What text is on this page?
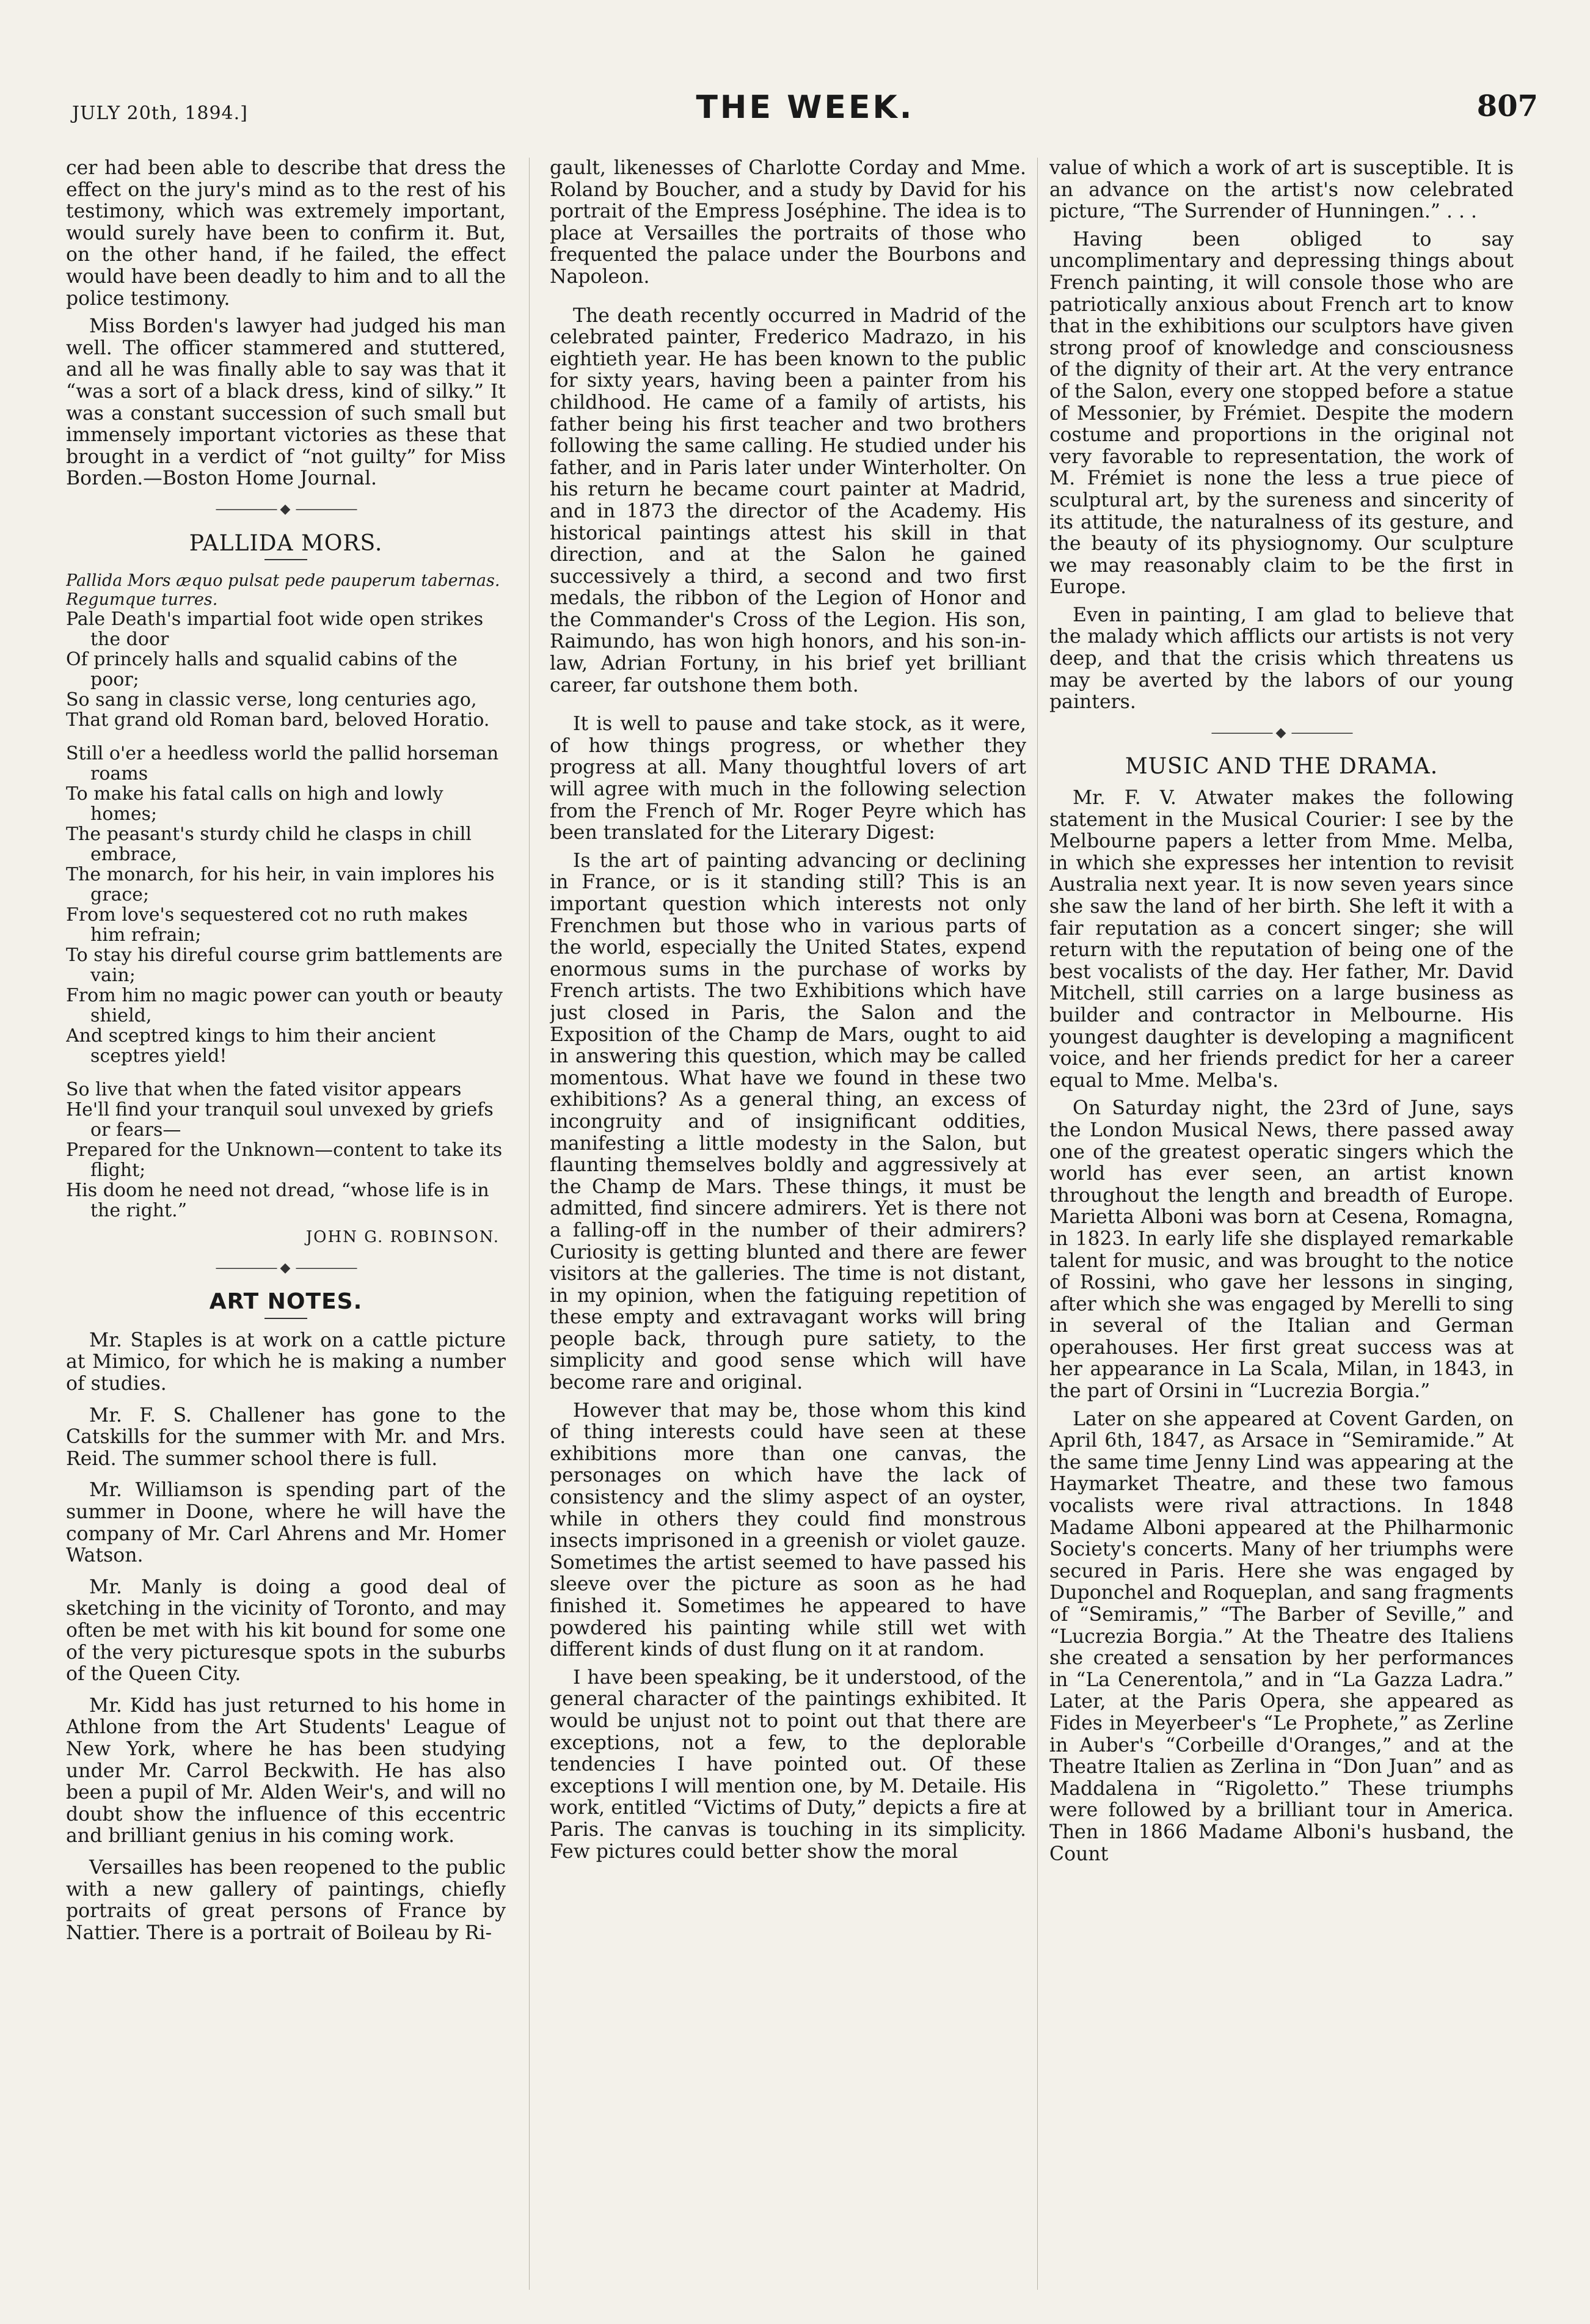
JULY 20th, 1894.]	THE WEEK.	807

cer had been able to describe that dress the effect on the jury's mind as to the rest of his testimony, which was extremely important, would surely have been to confirm it. But, on the other hand, if he failed, the effect would have been deadly to him and to all the police testimony.

Miss Borden's lawyer had judged his man well. The officer stammered and stuttered, and all he was finally able to say was that it “was a sort of a black dress, kind of silky.” It was a constant succession of such small but immensely important victories as these that brought in a verdict of “not guilty” for Miss Borden.—Boston Home Journal.

————— ◆ —————
PALLIDA MORS.

Pallida Mors æquo pulsat pede pauperum tabernas.

Regumque turres.

Pale Death's impartial foot wide open strikes the door

Of princely halls and squalid cabins of the poor;

So sang in classic verse, long centuries ago,

That grand old Roman bard, beloved Horatio.

Still o'er a heedless world the pallid horseman roams

To make his fatal calls on high and lowly homes;

The peasant's sturdy child he clasps in chill embrace,

The monarch, for his heir, in vain implores his grace;

From love's sequestered cot no ruth makes him refrain;

To stay his direful course grim battlements are vain;

From him no magic power can youth or beauty shield,

And sceptred kings to him their ancient sceptres yield!

So live that when the fated visitor appears

He'll find your tranquil soul unvexed by griefs or fears—

Prepared for the Unknown—content to take its flight;

His doom he need not dread, “whose life is in the right.”

JOHN G. ROBINSON.
————— ◆ —————
ART NOTES.

Mr. Staples is at work on a cattle picture at Mimico, for which he is making a number of studies.

Mr. F. S. Challener has gone to the Catskills for the summer with Mr. and Mrs. Reid. The summer school there is full.

Mr. Williamson is spending part of the summer in Doone, where he will have the company of Mr. Carl Ahrens and Mr. Homer Watson.

Mr. Manly is doing a good deal of sketching in the vicinity of Toronto, and may often be met with his kit bound for some one of the very picturesque spots in the suburbs of the Queen City.

Mr. Kidd has just returned to his home in Athlone from the Art Students' League of New York, where he has been studying under Mr. Carrol Beckwith. He has also been a pupil of Mr. Alden Weir's, and will no doubt show the influence of this eccentric and brilliant genius in his coming work.

Versailles has been reopened to the public with a new gallery of paintings, chiefly portraits of great persons of France by Nattier. There is a portrait of Boileau by Ri-

gault, likenesses of Charlotte Corday and Mme. Roland by Boucher, and a study by David for his portrait of the Empress Joséphine. The idea is to place at Versailles the portraits of those who frequented the palace under the Bourbons and Napoleon.

The death recently occurred in Madrid of the celebrated painter, Frederico Madrazo, in his eightieth year. He has been known to the public for sixty years, having been a painter from his childhood. He came of a family of artists, his father being his first teacher and two brothers following the same calling. He studied under his father, and in Paris later under Winterholter. On his return he became court painter at Madrid, and in 1873 the director of the Academy. His historical paintings attest his skill in that direction, and at the Salon he gained successively a third, a second and two first medals, the ribbon of the Legion of Honor and the Commander's Cross of the Legion. His son, Raimundo, has won high honors, and his son-in-law, Adrian Fortuny, in his brief yet brilliant career, far outshone them both.

It is well to pause and take stock, as it were, of how things progress, or whether they progress at all. Many thoughtful lovers of art will agree with much in the following selection from the French of Mr. Roger Peyre which has been translated for the Literary Digest:

Is the art of painting advancing or declining in France, or is it standing still? This is an important question which interests not only Frenchmen but those who in various parts of the world, especially the United States, expend enormous sums in the purchase of works by French artists. The two Exhibitions which have just closed in Paris, the Salon and the Exposition of the Champ de Mars, ought to aid in answering this question, which may be called momentous. What have we found in these two exhibitions? As a general thing, an excess of incongruity and of insignificant oddities, manifesting a little modesty in the Salon, but flaunting themselves boldly and aggressively at the Champ de Mars. These things, it must be admitted, find sincere admirers. Yet is there not a falling-off in the number of their admirers? Curiosity is getting blunted and there are fewer visitors at the galleries. The time is not distant, in my opinion, when the fatiguing repetition of these empty and extravagant works will bring people back, through pure satiety, to the simplicity and good sense which will have become rare and original.

However that may be, those whom this kind of thing interests could have seen at these exhibitions more than one canvas, the personages on which have the lack of consistency and the slimy aspect of an oyster, while in others they could find monstrous insects imprisoned in a greenish or violet gauze. Sometimes the artist seemed to have passed his sleeve over the picture as soon as he had finished it. Sometimes he appeared to have powdered his painting while still wet with different kinds of dust flung on it at random.

I have been speaking, be it understood, of the general character of the paintings exhibited. It would be unjust not to point out that there are exceptions, not a few, to the deplorable tendencies I have pointed out. Of these exceptions I will mention one, by M. Detaile. His work, entitled “Victims of Duty,” depicts a fire at Paris. The canvas is touching in its simplicity. Few pictures could better show the moral

value of which a work of art is susceptible. It is an advance on the artist's now celebrated picture, “The Surrender of Hunningen.” . . .

Having been obliged to say uncomplimentary and depressing things about French painting, it will console those who are patriotically anxious about French art to know that in the exhibitions our sculptors have given strong proof of knowledge and consciousness of the dignity of their art. At the very entrance of the Salon, every one stopped before a statue of Messonier, by Frémiet. Despite the modern costume and proportions in the original not very favorable to representation, the work of M. Frémiet is none the less a true piece of sculptural art, by the sureness and sincerity of its attitude, the naturalness of its gesture, and the beauty of its physiognomy. Our sculpture we may reasonably claim to be the first in Europe.

Even in painting, I am glad to believe that the malady which afflicts our artists is not very deep, and that the crisis which threatens us may be averted by the labors of our young painters.

————— ◆ —————
MUSIC AND THE DRAMA.

Mr. F. V. Atwater makes the following statement in the Musical Courier: I see by the Melbourne papers a letter from Mme. Melba, in which she expresses her intention to revisit Australia next year. It is now seven years since she saw the land of her birth. She left it with a fair reputation as a concert singer; she will return with the reputation of being one of the best vocalists of the day. Her father, Mr. David Mitchell, still carries on a large business as builder and contractor in Melbourne. His youngest daughter is developing a magnificent voice, and her friends predict for her a career equal to Mme. Melba's.

On Saturday night, the 23rd of June, says the London Musical News, there passed away one of the greatest operatic singers which the world has ever seen, an artist known throughout the length and breadth of Europe. Marietta Alboni was born at Cesena, Romagna, in 1823. In early life she displayed remarkable talent for music, and was brought to the notice of Rossini, who gave her lessons in singing, after which she was engaged by Merelli to sing in several of the Italian and German operahouses. Her first great success was at her appearance in La Scala, Milan, in 1843, in the part of Orsini in “Lucrezia Borgia.”

Later on she appeared at Covent Garden, on April 6th, 1847, as Arsace in “Semiramide.” At the same time Jenny Lind was appearing at the Haymarket Theatre, and these two famous vocalists were rival attractions. In 1848 Madame Alboni appeared at the Philharmonic Society's concerts. Many of her triumphs were secured in Paris. Here she was engaged by Duponchel and Roqueplan, and sang fragments of “Semiramis,” “The Barber of Seville,” and “Lucrezia Borgia.” At the Theatre des Italiens she created a sensation by her performances in “La Cenerentola,” and in “La Gazza Ladra.” Later, at the Paris Opera, she appeared as Fides in Meyerbeer's “Le Prophete,” as Zerline in Auber's “Corbeille d'Oranges,” and at the Theatre Italien as Zerlina in “Don Juan” and as Maddalena in “Rigoletto.” These triumphs were followed by a brilliant tour in America. Then in 1866 Madame Alboni's husband, the Count
